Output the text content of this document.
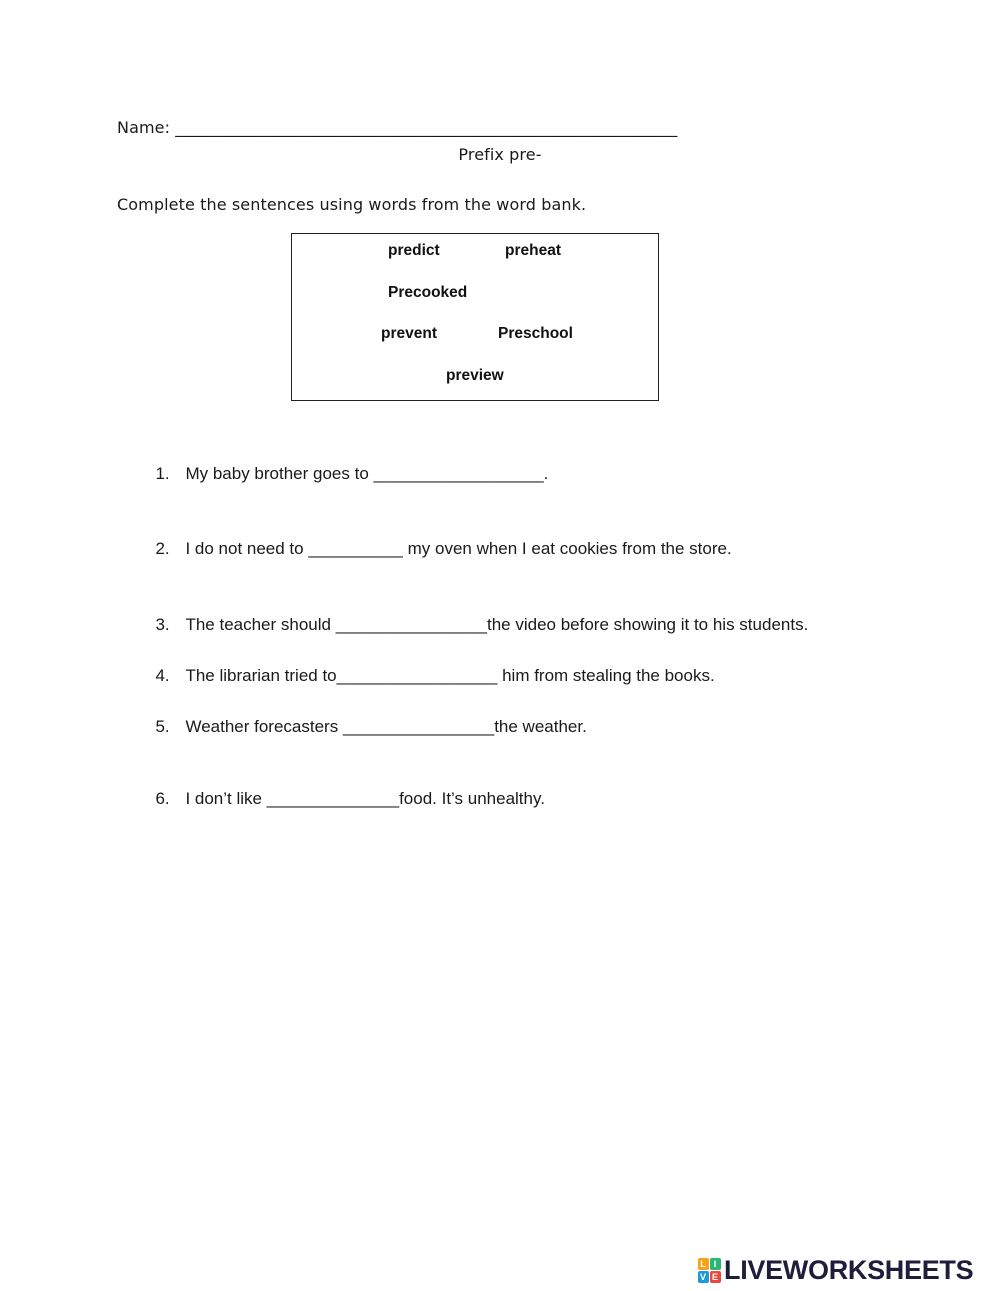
Name: ______________________________________________________________
Prefix pre-
Complete the sentences using words from the word bank.
predict	preheat
Precooked
prevent	Preschool
preview

1. My baby brother goes to __________________.

2. I do not need to __________ my oven when I eat cookies from the store.

3. The teacher should ________________the video before showing it to his students.

4. The librarian tried to_________________ him from stealing the books.

5. Weather forecasters ________________the weather.

6. I don’t like ______________food. It’s unhealthy.

L I
V E LIVEWORKSHEETS
